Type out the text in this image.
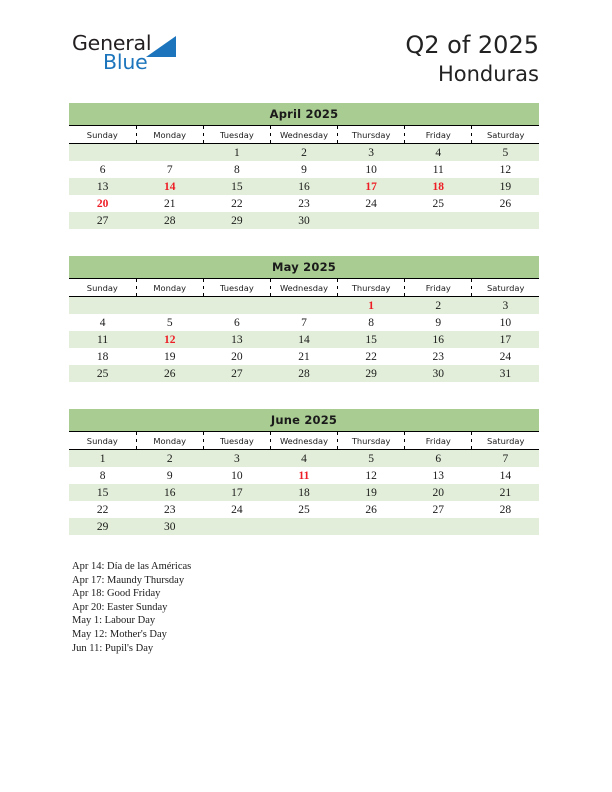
General
Blue
Q2 of 2025
Honduras
April 2025						
Sunday	Monday	Tuesday	Wednesday	Thursday	Friday	Saturday
		1	2	3	4	5
6	7	8	9	10	11	12
13	14	15	16	17	18	19
20	21	22	23	24	25	26
27	28	29	30			
May 2025						
Sunday	Monday	Tuesday	Wednesday	Thursday	Friday	Saturday
				1	2	3
4	5	6	7	8	9	10
11	12	13	14	15	16	17
18	19	20	21	22	23	24
25	26	27	28	29	30	31
June 2025						
Sunday	Monday	Tuesday	Wednesday	Thursday	Friday	Saturday
1	2	3	4	5	6	7
8	9	10	11	12	13	14
15	16	17	18	19	20	21
22	23	24	25	26	27	28
29	30					
Apr 14: Día de las Américas
Apr 17: Maundy Thursday
Apr 18: Good Friday
Apr 20: Easter Sunday
May 1: Labour Day
May 12: Mother's Day
Jun 11: Pupil's Day
